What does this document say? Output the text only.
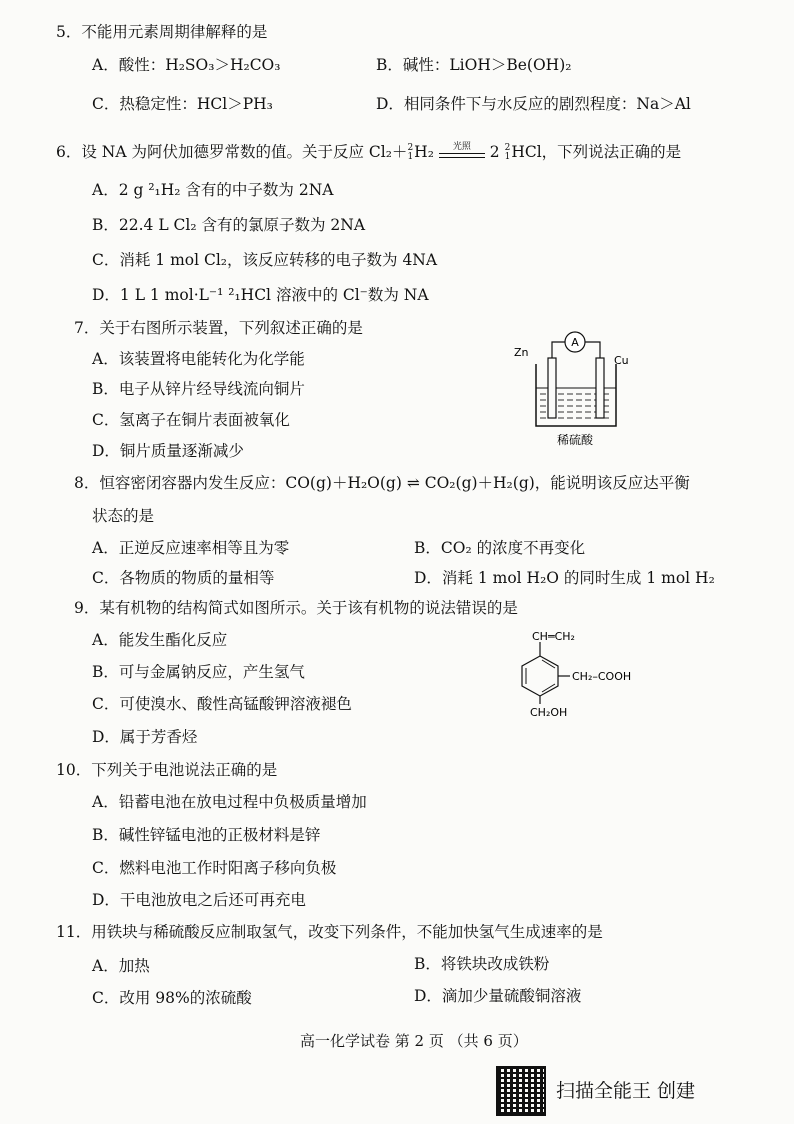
5．不能用元素周期律解释的是
A．酸性：H₂SO₃＞H₂CO₃	B．碱性：LiOH＞Be(OH)₂
C．热稳定性：HCl＞PH₃	D．相同条件下与水反应的剧烈程度：Na＞Al
6．设 NA 为阿伏加德罗常数的值。关于反应 Cl₂＋ 2
1 H₂	光照	2 2
1 HCl，下列说法正确的是
A．2 g ²₁H₂ 含有的中子数为 2NA
B．22.4 L Cl₂ 含有的氯原子数为 2NA
C．消耗 1 mol Cl₂，该反应转移的电子数为 4NA
D．1 L 1 mol·L⁻¹ ²₁HCl 溶液中的 Cl⁻数为 NA
7．关于右图所示装置，下列叙述正确的是
A．该装置将电能转化为化学能
B．电子从锌片经导线流向铜片
C．氢离子在铜片表面被氧化
D．铜片质量逐渐减少
A
Zn
Cu
稀硫酸
8．恒容密闭容器内发生反应：CO(g)＋H₂O(g) ⇌ CO₂(g)＋H₂(g)，能说明该反应达平衡
状态的是
A．正逆反应速率相等且为零	B．CO₂ 的浓度不再变化
C．各物质的物质的量相等	D．消耗 1 mol H₂O 的同时生成 1 mol H₂
9．某有机物的结构简式如图所示。关于该有机物的说法错误的是
A．能发生酯化反应
B．可与金属钠反应，产生氢气
C．可使溴水、酸性高锰酸钾溶液褪色
D．属于芳香烃
CH═CH₂
CH₂–COOH
CH₂OH
10．下列关于电池说法正确的是
A．铅蓄电池在放电过程中负极质量增加
B．碱性锌锰电池的正极材料是锌
C．燃料电池工作时阳离子移向负极
D．干电池放电之后还可再充电
11．用铁块与稀硫酸反应制取氢气，改变下列条件，不能加快氢气生成速率的是
A．加热	B．将铁块改成铁粉
C．改用 98%的浓硫酸	D．滴加少量硫酸铜溶液
高一化学试卷 第 2 页 （共 6 页）
扫描全能王 创建
